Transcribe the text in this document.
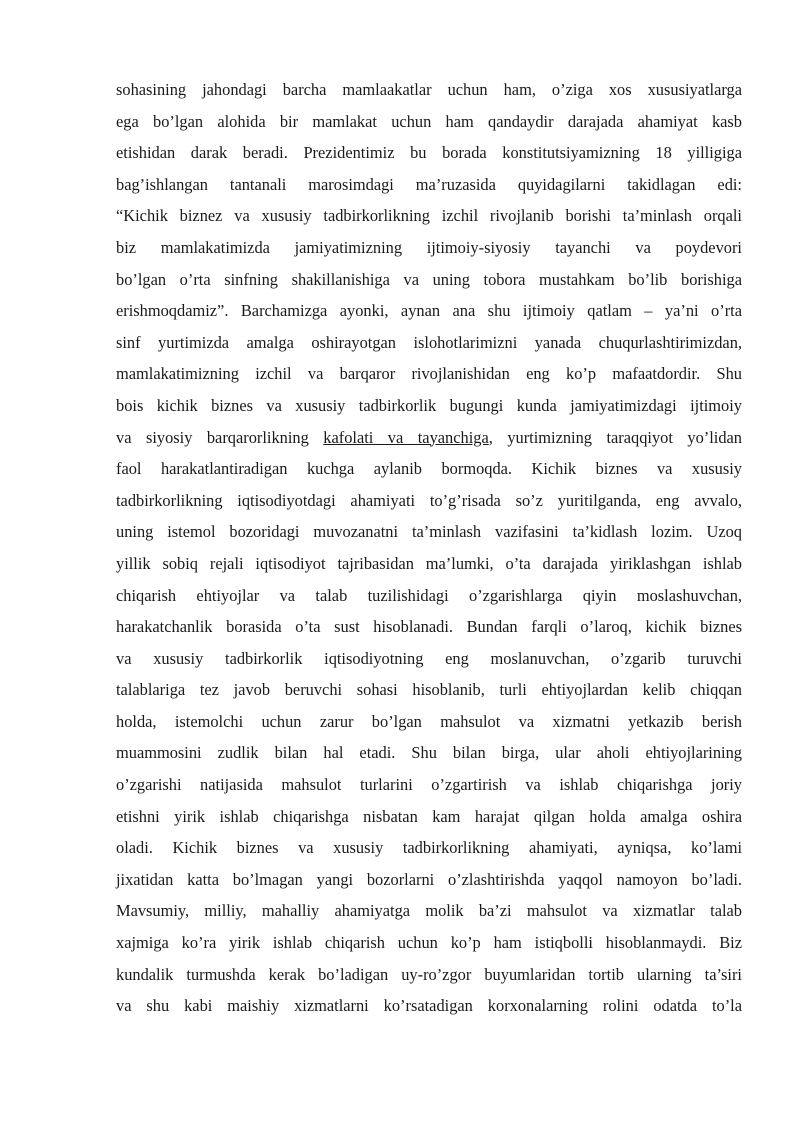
sohasining jahondagi barcha mamlaakatlar uchun ham, o’ziga xos xususiyatlarga
ega bo’lgan alohida bir mamlakat uchun ham qandaydir darajada ahamiyat kasb
etishidan darak beradi. Prezidentimiz bu borada konstitutsiyamizning 18 yilligiga
bag’ishlangan tantanali marosimdagi ma’ruzasida quyidagilarni takidlagan edi:
“Kichik biznez va xususiy tadbirkorlikning izchil rivojlanib borishi ta’minlash orqali
biz mamlakatimizda jamiyatimizning ijtimoiy-siyosiy tayanchi va poydevori
bo’lgan o’rta sinfning shakillanishiga va uning tobora mustahkam bo’lib borishiga
erishmoqdamiz”. Barchamizga ayonki, aynan ana shu ijtimoiy qatlam – ya’ni o’rta
sinf yurtimizda amalga oshirayotgan islohotlarimizni yanada chuqurlashtirimizdan,
mamlakatimizning izchil va barqaror rivojlanishidan eng ko’p mafaatdordir. Shu
bois kichik biznes va xususiy tadbirkorlik bugungi kunda jamiyatimizdagi ijtimoiy
va siyosiy barqarorlikning kafolati va tayanchiga, yurtimizning taraqqiyot yo’lidan
faol harakatlantiradigan kuchga aylanib bormoqda. Kichik biznes va xususiy
tadbirkorlikning iqtisodiyotdagi ahamiyati to’g’risada so’z yuritilganda, eng avvalo,
uning istemol bozoridagi muvozanatni ta’minlash vazifasini ta’kidlash lozim. Uzoq
yillik sobiq rejali iqtisodiyot tajribasidan ma’lumki, o’ta darajada yiriklashgan ishlab
chiqarish ehtiyojlar va talab tuzilishidagi o’zgarishlarga qiyin moslashuvchan,
harakatchanlik borasida o’ta sust hisoblanadi. Bundan farqli o’laroq, kichik biznes
va xususiy tadbirkorlik iqtisodiyotning eng moslanuvchan, o’zgarib turuvchi
talablariga tez javob beruvchi sohasi hisoblanib, turli ehtiyojlardan kelib chiqqan
holda, istemolchi uchun zarur bo’lgan mahsulot va xizmatni yetkazib berish
muammosini zudlik bilan hal etadi. Shu bilan birga, ular aholi ehtiyojlarining
o’zgarishi natijasida mahsulot turlarini o’zgartirish va ishlab chiqarishga joriy
etishni yirik ishlab chiqarishga nisbatan kam harajat qilgan holda amalga oshira
oladi. Kichik biznes va xususiy tadbirkorlikning ahamiyati, ayniqsa, ko’lami
jixatidan katta bo’lmagan yangi bozorlarni o’zlashtirishda yaqqol namoyon bo’ladi.
Mavsumiy, milliy, mahalliy ahamiyatga molik ba’zi mahsulot va xizmatlar talab
xajmiga ko’ra yirik ishlab chiqarish uchun ko’p ham istiqbolli hisoblanmaydi. Biz
kundalik turmushda kerak bo’ladigan uy-ro’zgor buyumlaridan tortib ularning ta’siri
va shu kabi maishiy xizmatlarni ko’rsatadigan korxonalarning rolini odatda to’la
